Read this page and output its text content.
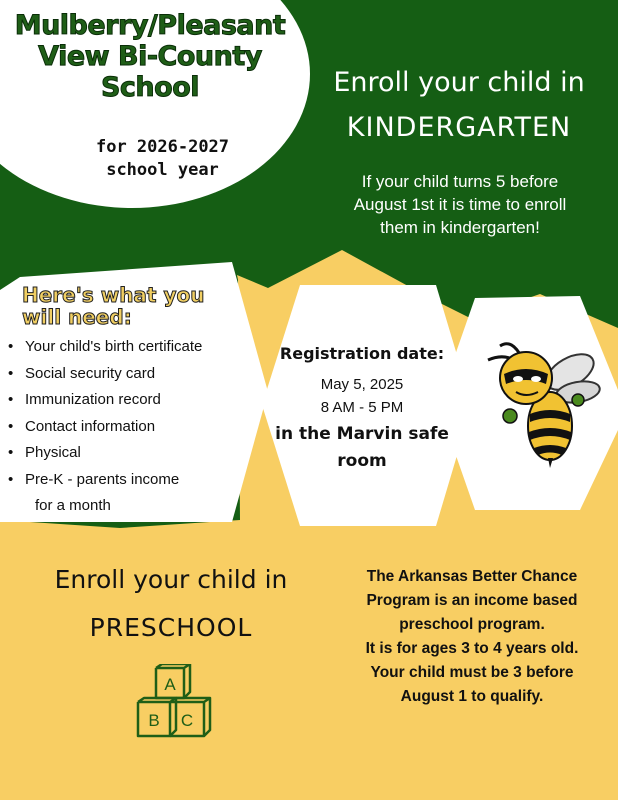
Mulberry/Pleasant
View Bi-County
School
for 2026-2027
school year
Enroll your child in
KINDERGARTEN
If your child turns 5 before
August 1st it is time to enroll
them in kindergarten!
Here's what you
will need:
• Your child's birth certificate
• Social security card
• Immunization record
• Contact information
• Physical
• Pre-K - parents income
for a month
Registration date:
May 5, 2025
8 AM - 5 PM
in the Marvin safe
room
Enroll your child in
PRESCHOOL
The Arkansas Better Chance
Program is an income based
preschool program.
It is for ages 3 to 4 years old.
Your child must be 3 before
August 1 to qualify.
A
B C
